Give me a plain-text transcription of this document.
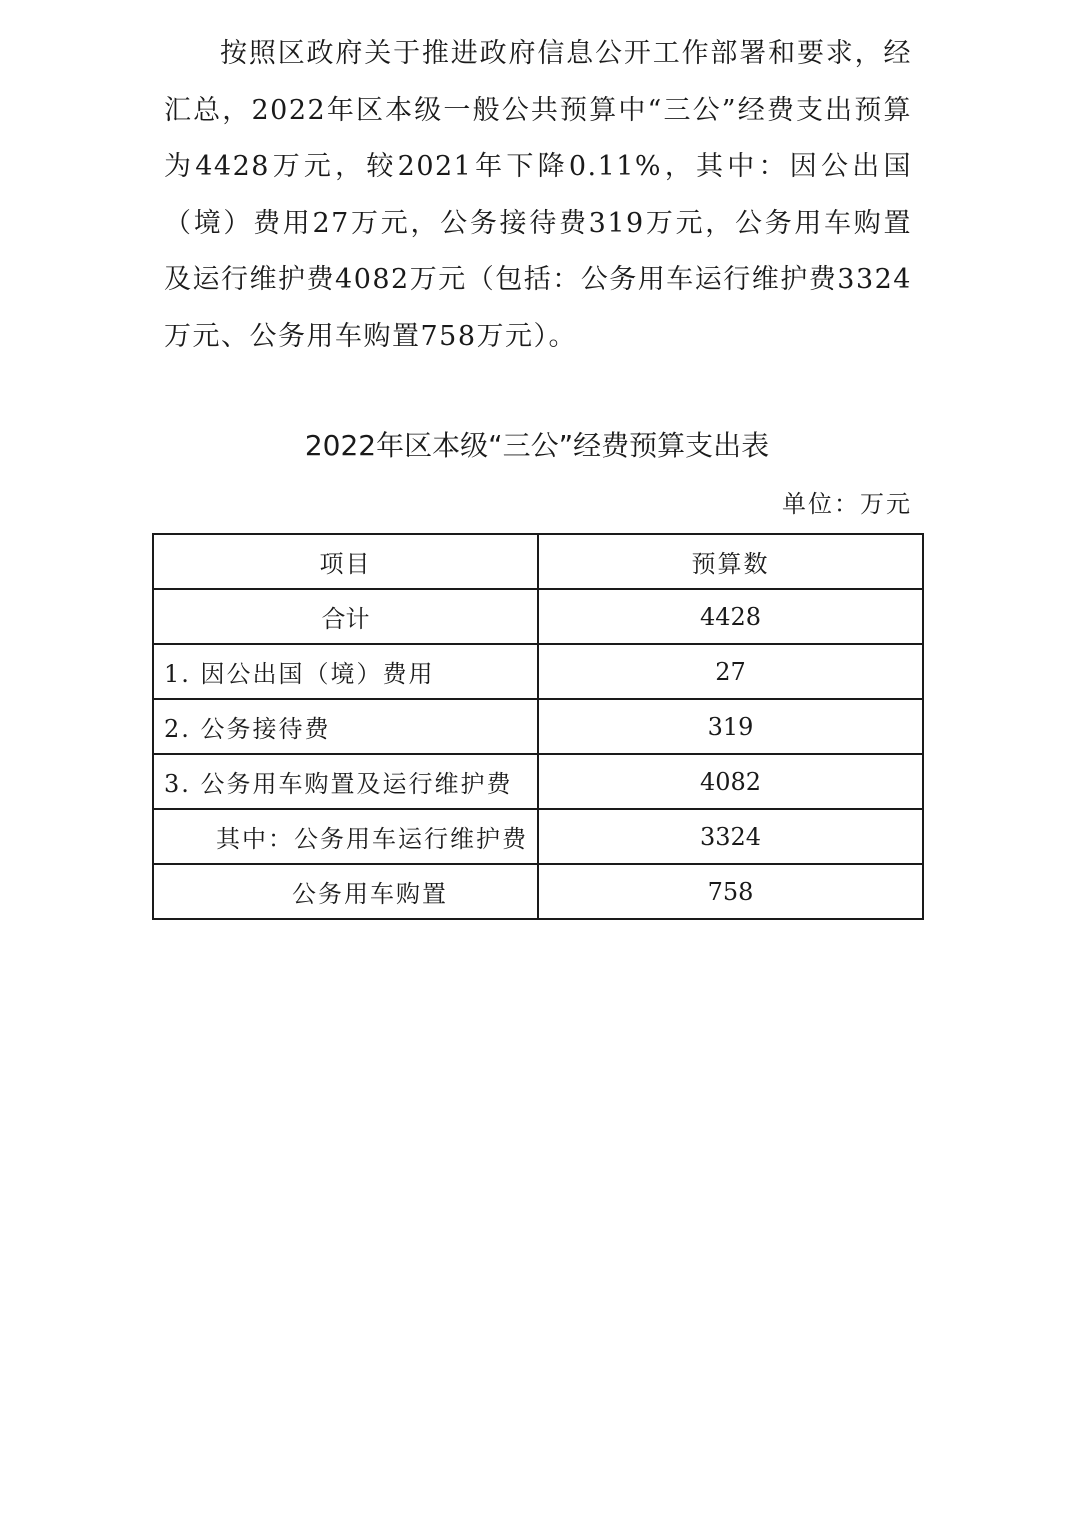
按照区政府关于推进政府信息公开工作部署和要求，经汇总，2022年区本级一般公共预算中“三公”经费支出预算为4428万元，较2021年下降0.11%，其中：因公出国（境）费用27万元，公务接待费319万元，公务用车购置及运行维护费4082万元（包括：公务用车运行维护费3324万元、公务用车购置758万元）。

2022年区本级“三公”经费预算支出表
单位：万元
项目	预算数
合计	4428
1. 因公出国（境）费用	27
2. 公务接待费	319
3. 公务用车购置及运行维护费	4082
其中：公务用车运行维护费	3324
公务用车购置	758
